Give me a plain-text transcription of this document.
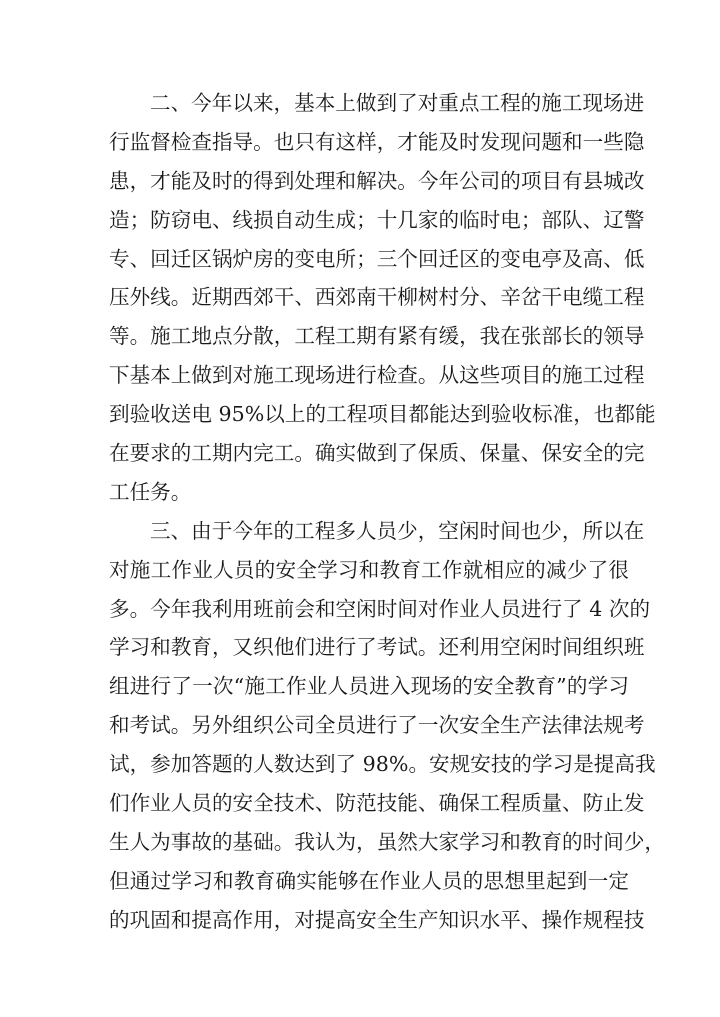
二、今年以来，基本上做到了对重点工程的施工现场进
行监督检查指导。也只有这样，才能及时发现问题和一些隐
患，才能及时的得到处理和解决。今年公司的项目有县城改
造；防窃电、线损自动生成；十几家的临时电；部队、辽警
专、回迁区锅炉房的变电所；三个回迁区的变电亭及高、低
压外线。近期西郊干、西郊南干柳树村分、辛岔干电缆工程
等。施工地点分散，工程工期有紧有缓，我在张部长的领导
下基本上做到对施工现场进行检查。从这些项目的施工过程
到验收送电 95%以上的工程项目都能达到验收标准，也都能
在要求的工期内完工。确实做到了保质、保量、保安全的完
工任务。
三、由于今年的工程多人员少，空闲时间也少，所以在
对施工作业人员的安全学习和教育工作就相应的减少了很
多。今年我利用班前会和空闲时间对作业人员进行了 4 次的
学习和教育，又织他们进行了考试。还利用空闲时间组织班
组进行了一次“施工作业人员进入现场的安全教育”的学习
和考试。另外组织公司全员进行了一次安全生产法律法规考
试，参加答题的人数达到了 98%。安规安技的学习是提高我
们作业人员的安全技术、防范技能、确保工程质量、防止发
生人为事故的基础。我认为，虽然大家学习和教育的时间少，
但通过学习和教育确实能够在作业人员的思想里起到一定
的巩固和提高作用，对提高安全生产知识水平、操作规程技
